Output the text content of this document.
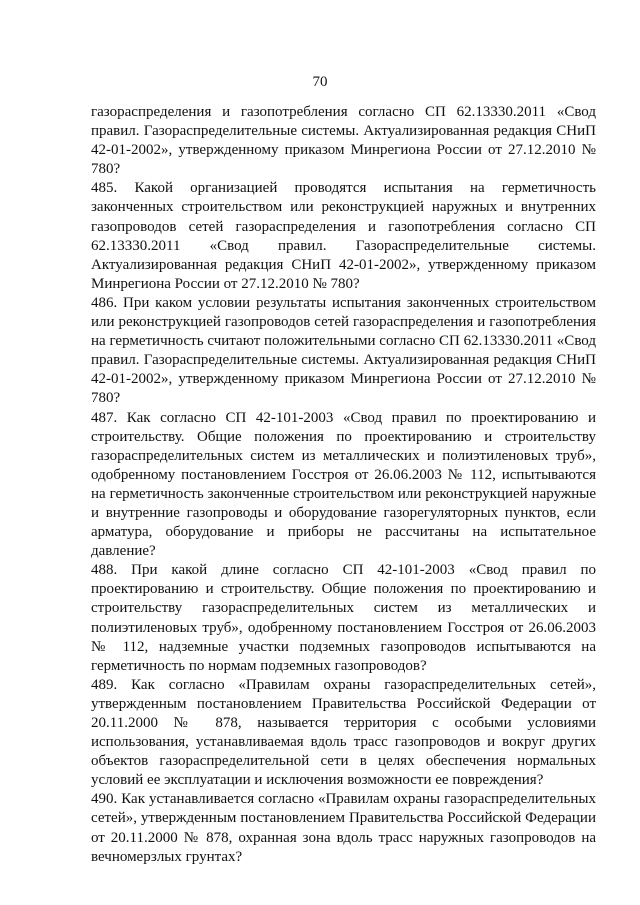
70

газораспределения и газопотребления согласно СП 62.13330.2011 «Свод правил. Газораспределительные системы. Актуализированная редакция СНиП 42-01-2002», утвержденному приказом Минрегиона России от 27.12.2010 № 780?

485. Какой организацией проводятся испытания на герметичность законченных строительством или реконструкцией наружных и внутренних газопроводов сетей газораспределения и газопотребления согласно СП 62.13330.2011 «Свод правил. Газораспределительные системы. Актуализированная редакция СНиП 42-01-2002», утвержденному приказом Минрегиона России от 27.12.2010 № 780?

486. При каком условии результаты испытания законченных строительством или реконструкцией газопроводов сетей газораспределения и газопотребления на герметичность считают положительными согласно СП 62.13330.2011 «Свод правил. Газораспределительные системы. Актуализированная редакция СНиП 42-01-2002», утвержденному приказом Минрегиона России от 27.12.2010 № 780?

487. Как согласно СП 42-101-2003 «Свод правил по проектированию и строительству. Общие положения по проектированию и строительству газораспределительных систем из металлических и полиэтиленовых труб», одобренному постановлением Госстроя от 26.06.2003 № 112, испытываются на герметичность законченные строительством или реконструкцией наружные и внутренние газопроводы и оборудование газорегуляторных пунктов, если арматура, оборудование и приборы не рассчитаны на испытательное давление?

488. При какой длине согласно СП 42-101-2003 «Свод правил по проектированию и строительству. Общие положения по проектированию и строительству газораспределительных систем из металлических и полиэтиленовых труб», одобренному постановлением Госстроя от 26.06.2003 № 112, надземные участки подземных газопроводов испытываются на герметичность по нормам подземных газопроводов?

489. Как согласно «Правилам охраны газораспределительных сетей», утвержденным постановлением Правительства Российской Федерации от 20.11.2000 № 878, называется территория с особыми условиями использования, устанавливаемая вдоль трасс газопроводов и вокруг других объектов газораспределительной сети в целях обеспечения нормальных условий ее эксплуатации и исключения возможности ее повреждения?

490. Как устанавливается согласно «Правилам охраны газораспределительных сетей», утвержденным постановлением Правительства Российской Федерации от 20.11.2000 № 878, охранная зона вдоль трасс наружных газопроводов на вечномерзлых грунтах?
